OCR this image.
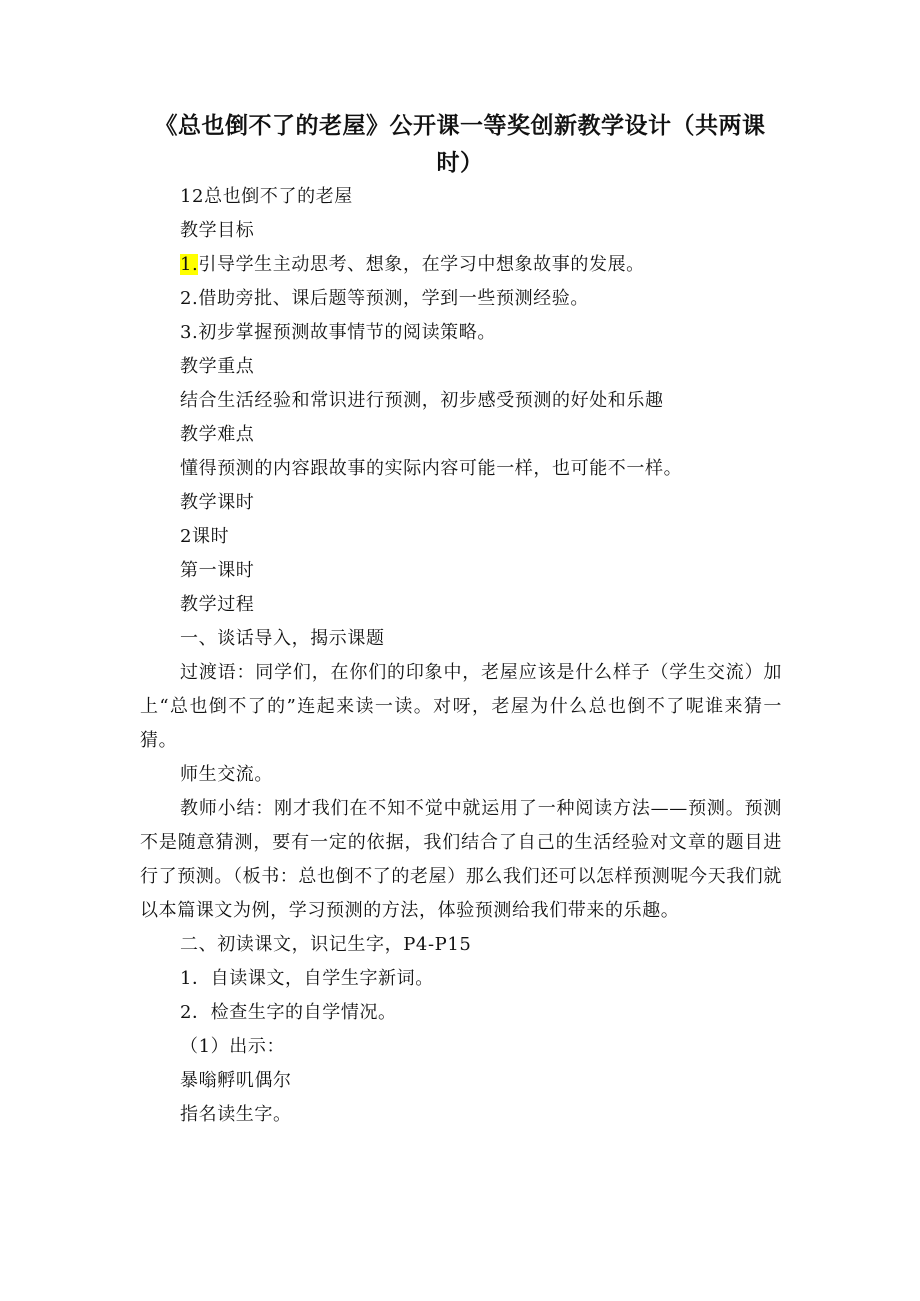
《总也倒不了的老屋》公开课一等奖创新教学设计（共两课时）
12总也倒不了的老屋
教学目标
1.引导学生主动思考、想象，在学习中想象故事的发展。
2.借助旁批、课后题等预测，学到一些预测经验。
3.初步掌握预测故事情节的阅读策略。
教学重点
结合生活经验和常识进行预测，初步感受预测的好处和乐趣
教学难点
懂得预测的内容跟故事的实际内容可能一样，也可能不一样。
教学课时
2课时
第一课时
教学过程
一、谈话导入，揭示课题
过渡语：同学们，在你们的印象中，老屋应该是什么样子（学生交流）加上“总也倒不了的”连起来读一读。对呀，老屋为什么总也倒不了呢谁来猜一猜。
师生交流。
教师小结：刚才我们在不知不觉中就运用了一种阅读方法——预测。预测不是随意猜测，要有一定的依据，我们结合了自己的生活经验对文章的题目进行了预测。（板书：总也倒不了的老屋）那么我们还可以怎样预测呢今天我们就以本篇课文为例，学习预测的方法，体验预测给我们带来的乐趣。
二、初读课文，识记生字，P4-P15
1．自读课文，自学生字新词。
2．检查生字的自学情况。
（1）出示：
暴嗡孵叽偶尔
指名读生字。
